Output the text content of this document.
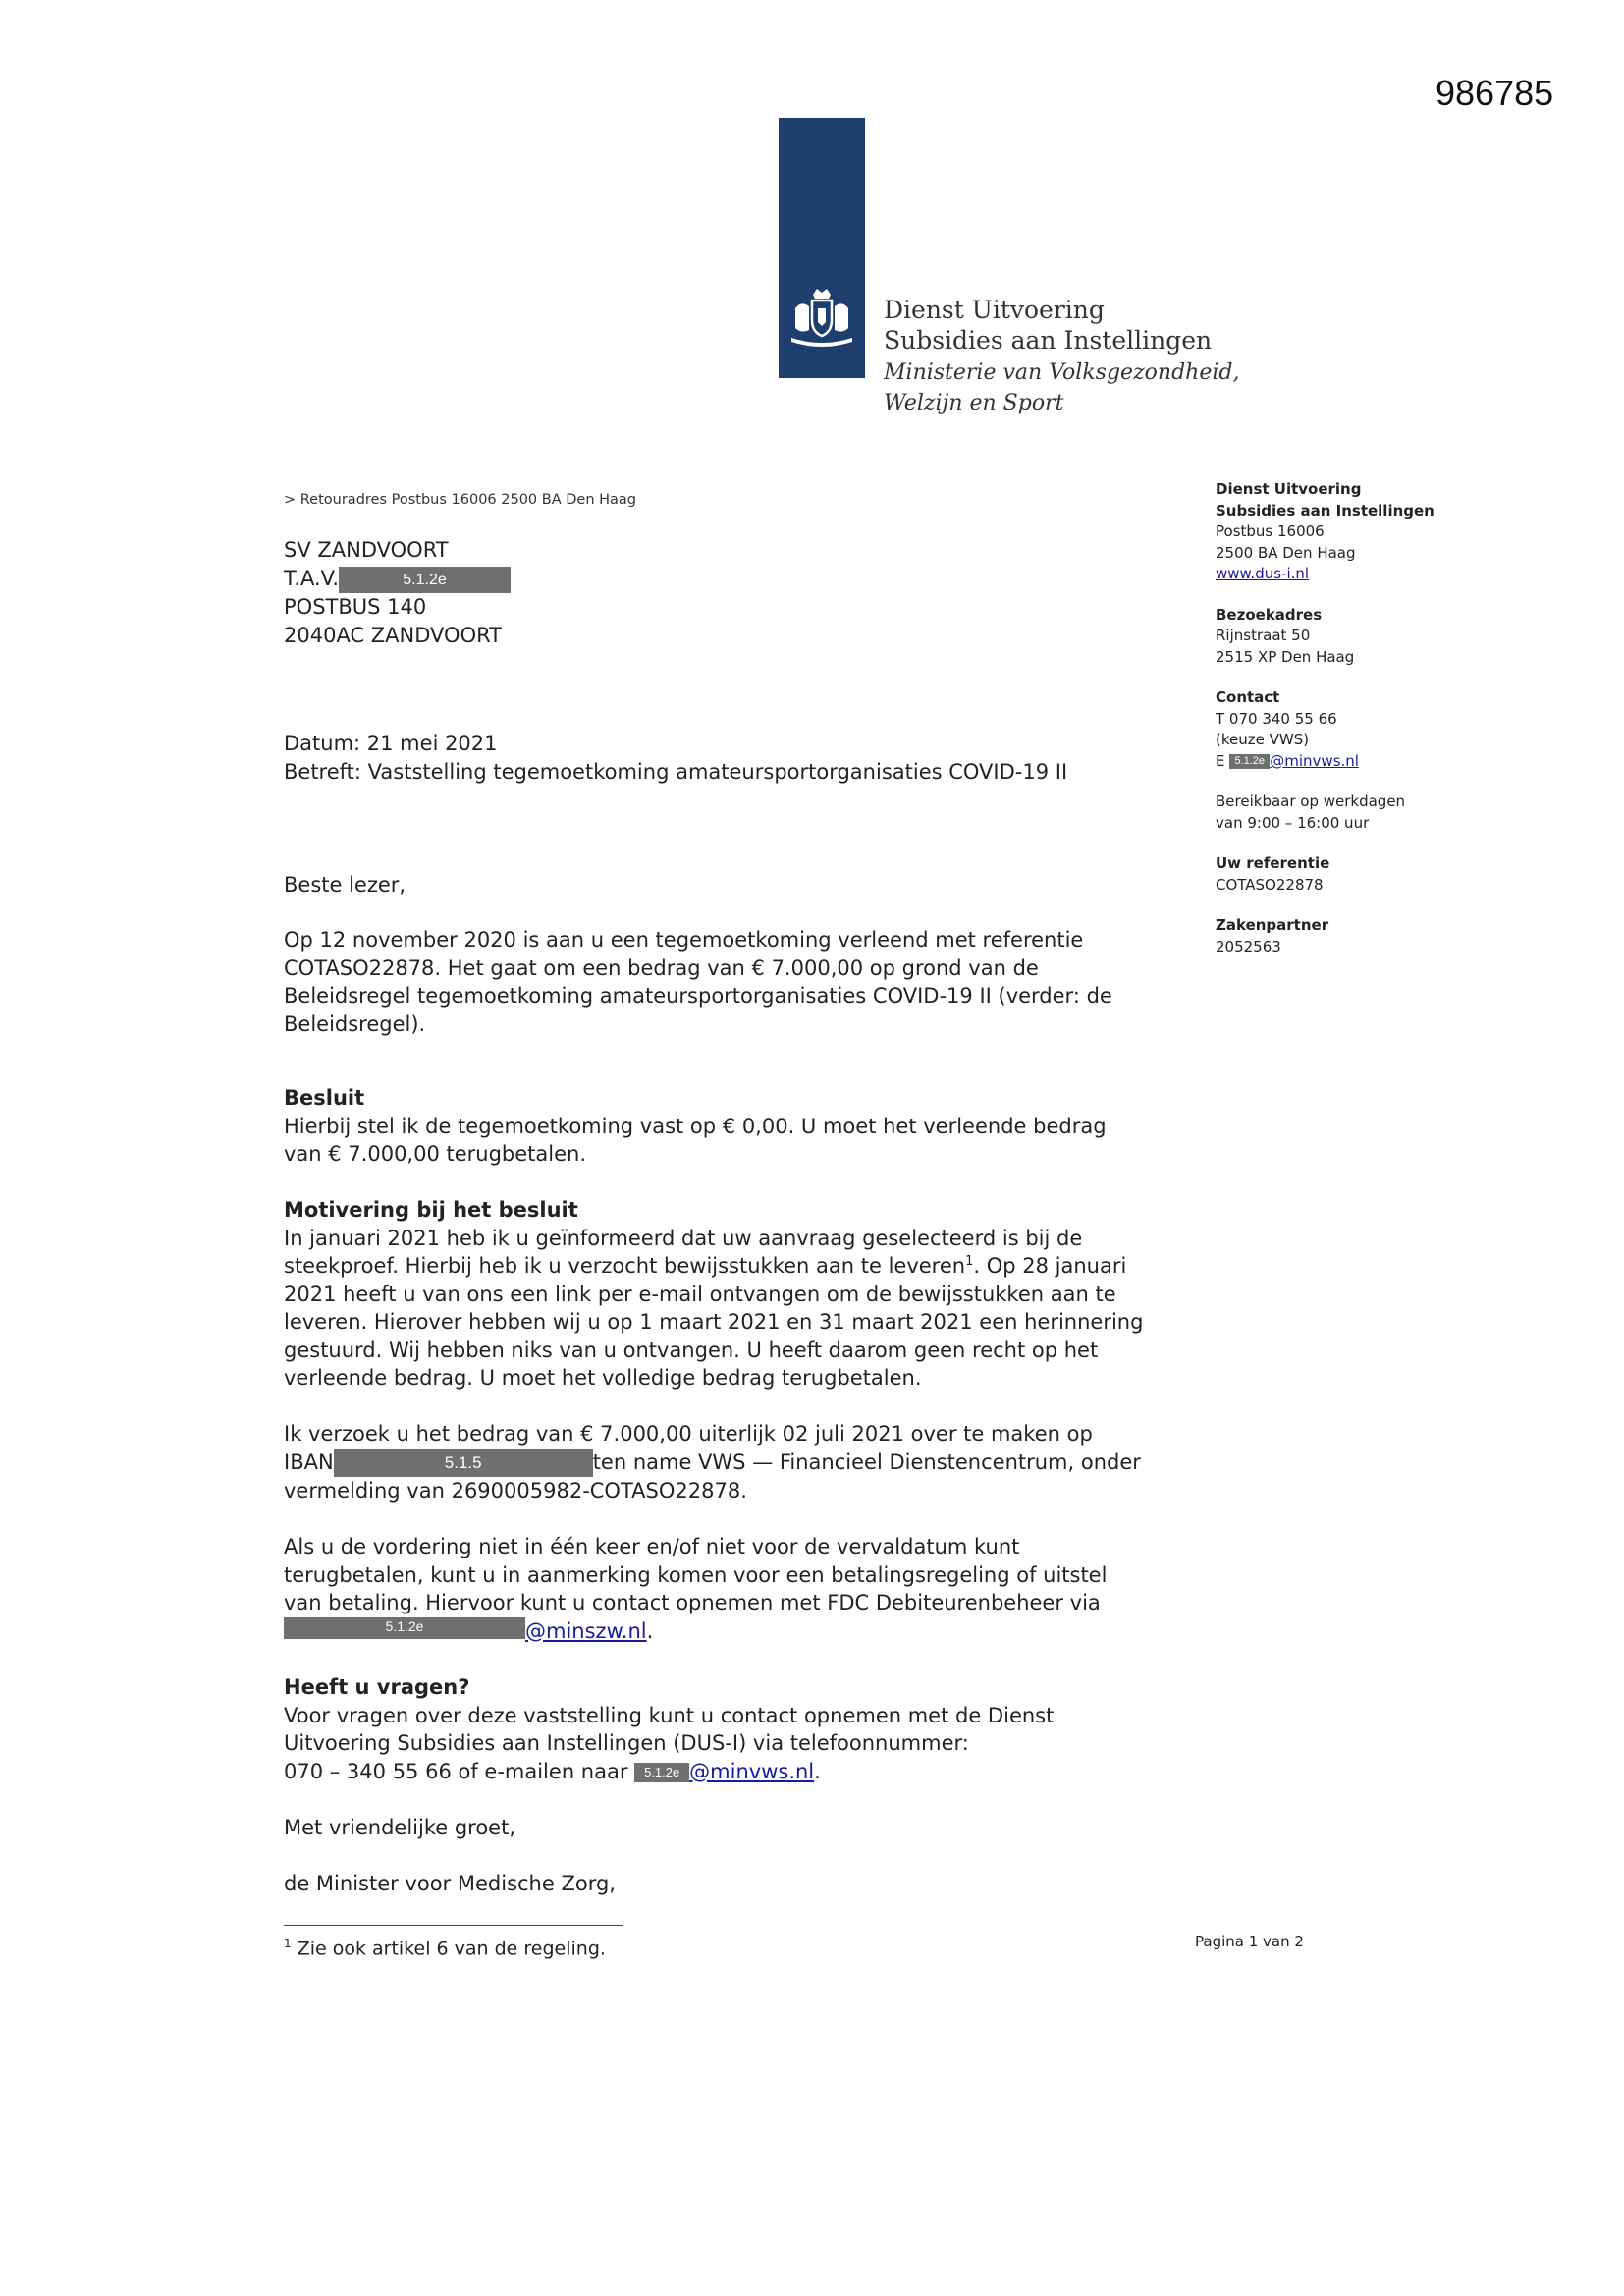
986785
Dienst Uitvoering
Subsidies aan Instellingen
Ministerie van Volksgezondheid,
Welzijn en Sport
> Retouradres Postbus 16006 2500 BA Den Haag
SV ZANDVOORT
T.A.V.	5.1.2e
POSTBUS 140
2040AC ZANDVOORT
Dienst Uitvoering
Subsidies aan Instellingen
Postbus 16006
2500 BA Den Haag
www.dus-i.nl
Bezoekadres
Rijnstraat 50
2515 XP Den Haag
Contact
T 070 340 55 66
(keuze VWS)
E 5.1.2e @minvws.nl
Bereikbaar op werkdagen
van 9:00 – 16:00 uur
Uw referentie
COTASO22878
Zakenpartner
2052563
Datum: 21 mei 2021
Betreft: Vaststelling tegemoetkoming amateursportorganisaties COVID-19 II
Beste lezer,
Op 12 november 2020 is aan u een tegemoetkoming verleend met referentie
COTASO22878. Het gaat om een bedrag van € 7.000,00 op grond van de
Beleidsregel tegemoetkoming amateursportorganisaties COVID-19 II (verder: de
Beleidsregel).
Besluit
Hierbij stel ik de tegemoetkoming vast op € 0,00. U moet het verleende bedrag
van € 7.000,00 terugbetalen.
Motivering bij het besluit
In januari 2021 heb ik u geïnformeerd dat uw aanvraag geselecteerd is bij de
steekproef. Hierbij heb ik u verzocht bewijsstukken aan te leveren$^1$. Op 28 januari
2021 heeft u van ons een link per e-mail ontvangen om de bewijsstukken aan te
leveren. Hierover hebben wij u op 1 maart 2021 en 31 maart 2021 een herinnering
gestuurd. Wij hebben niks van u ontvangen. U heeft daarom geen recht op het
verleende bedrag. U moet het volledige bedrag terugbetalen.
Ik verzoek u het bedrag van € 7.000,00 uiterlijk 02 juli 2021 over te maken op
IBAN	5.1.5	ten name VWS — Financieel Dienstencentrum, onder
vermelding van 2690005982-COTASO22878.
Als u de vordering niet in één keer en/of niet voor de vervaldatum kunt
terugbetalen, kunt u in aanmerking komen voor een betalingsregeling of uitstel
van betaling. Hiervoor kunt u contact opnemen met FDC Debiteurenbeheer via
5.1.2e	@minszw.nl.
Heeft u vragen?
Voor vragen over deze vaststelling kunt u contact opnemen met de Dienst
Uitvoering Subsidies aan Instellingen (DUS-I) via telefoonnummer:
070 – 340 55 66 of e-mailen naar 5.1.2e @minvws.nl.
Met vriendelijke groet,
de Minister voor Medische Zorg,
$^1$ Zie ook artikel 6 van de regeling.	Pagina 1 van 2
